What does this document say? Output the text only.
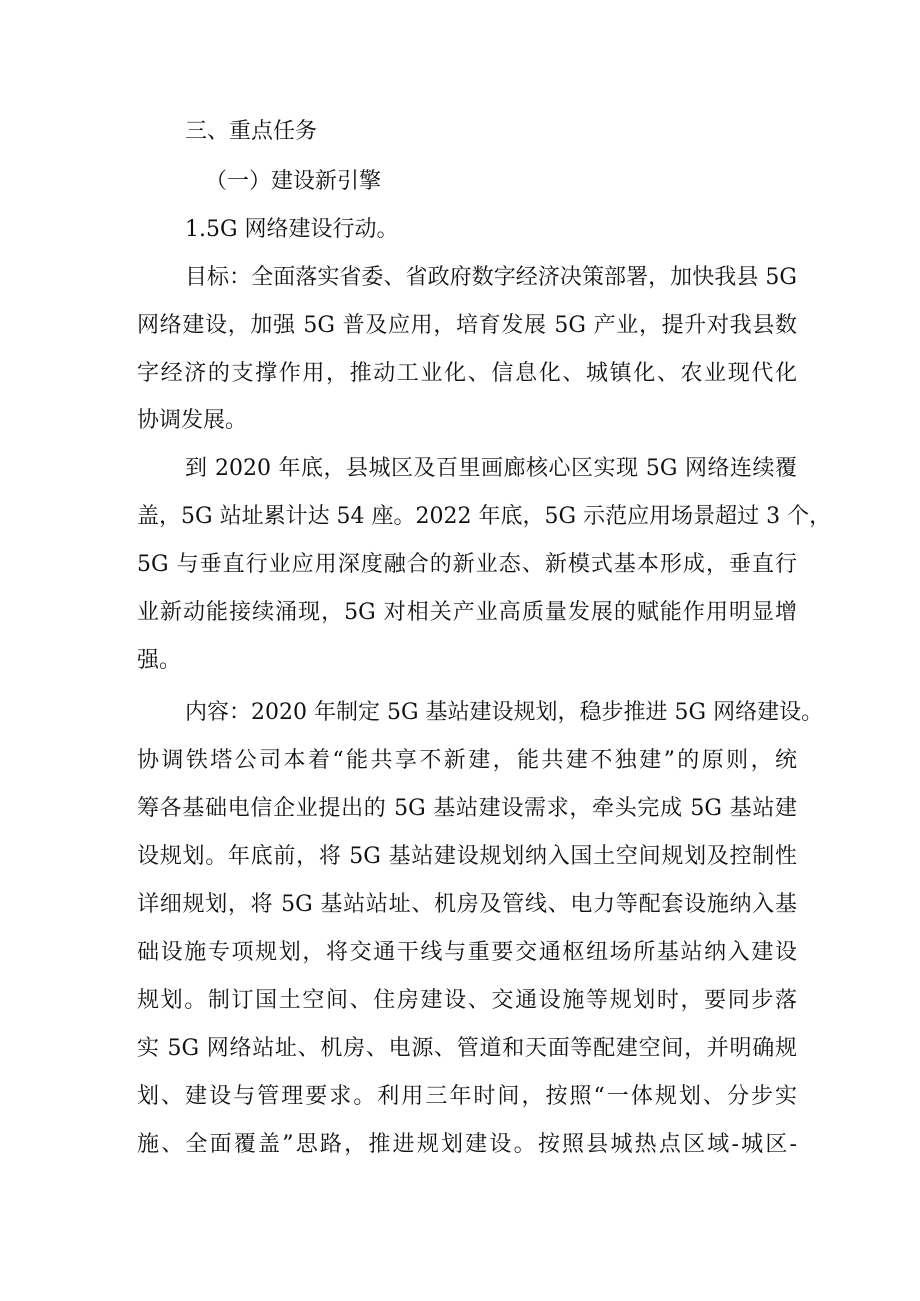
三、重点任务
（一）建设新引擎
1.5G 网络建设行动。
目标：全面落实省委、省政府数字经济决策部署，加快我县 5G
网络建设，加强 5G 普及应用，培育发展 5G 产业，提升对我县数
字经济的支撑作用，推动工业化、信息化、城镇化、农业现代化
协调发展。
到 2020 年底，县城区及百里画廊核心区实现 5G 网络连续覆
盖，5G 站址累计达 54 座。2022 年底，5G 示范应用场景超过 3 个，
5G 与垂直行业应用深度融合的新业态、新模式基本形成，垂直行
业新动能接续涌现，5G 对相关产业高质量发展的赋能作用明显增
强。
内容：2020 年制定 5G 基站建设规划，稳步推进 5G 网络建设。
协调铁塔公司本着“能共享不新建，能共建不独建”的原则，统
筹各基础电信企业提出的 5G 基站建设需求，牵头完成 5G 基站建
设规划。年底前，将 5G 基站建设规划纳入国土空间规划及控制性
详细规划，将 5G 基站站址、机房及管线、电力等配套设施纳入基
础设施专项规划，将交通干线与重要交通枢纽场所基站纳入建设
规划。制订国土空间、住房建设、交通设施等规划时，要同步落
实 5G 网络站址、机房、电源、管道和天面等配建空间，并明确规
划、建设与管理要求。利用三年时间，按照“一体规划、分步实
施、全面覆盖”思路，推进规划建设。按照县城热点区域-城区-
